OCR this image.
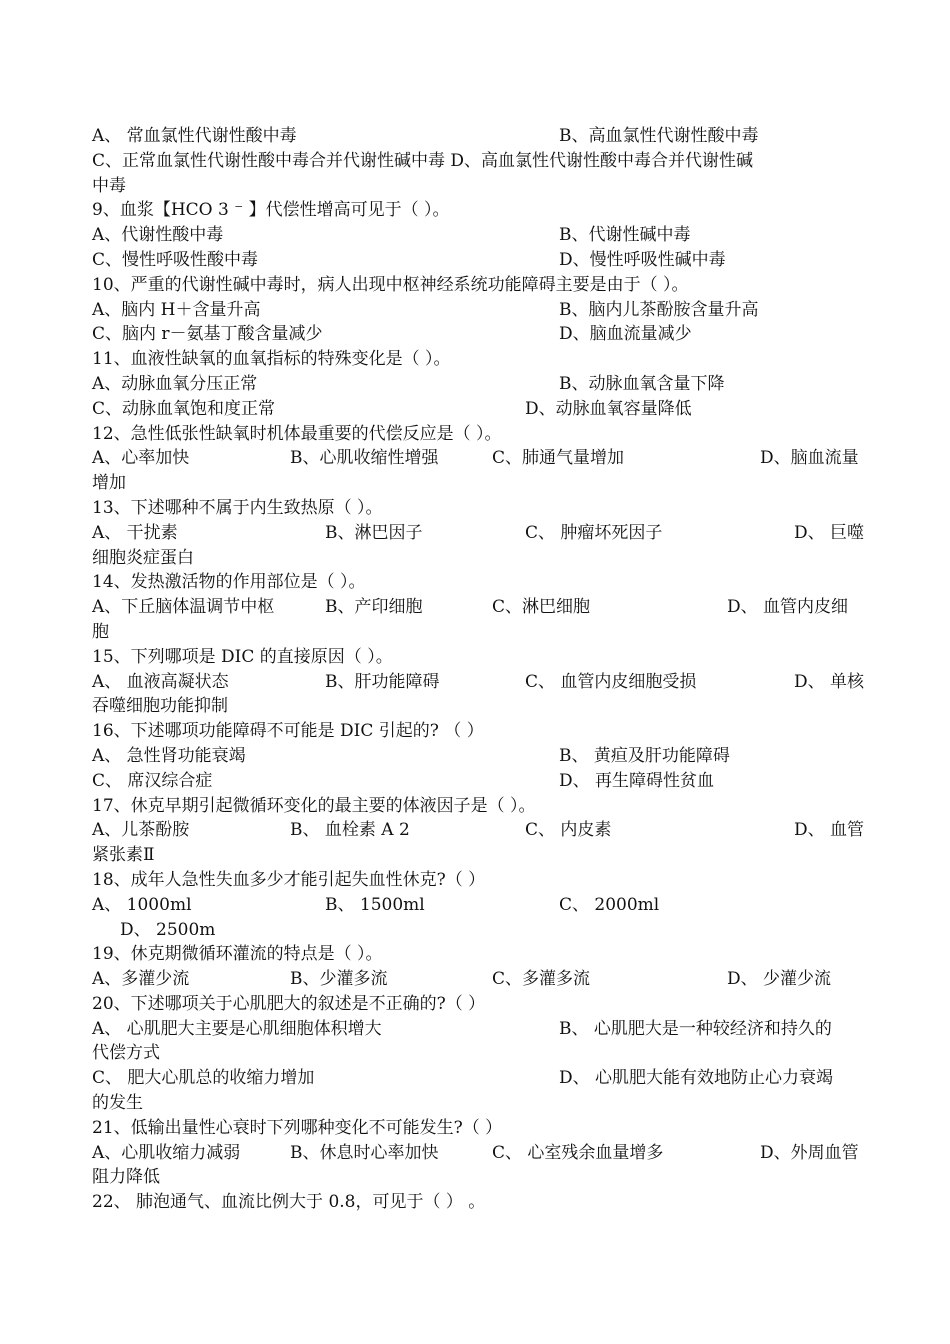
A、 常血氯性代谢性酸中毒	B、高血氯性代谢性酸中毒
C、正常血氯性代谢性酸中毒合并代谢性碱中毒 D、高血氯性代谢性酸中毒合并代谢性碱
中毒
9、血浆【HCO 3 ⁻ 】代偿性增高可见于（ ）。
A、代谢性酸中毒	B、代谢性碱中毒
C、慢性呼吸性酸中毒	D、慢性呼吸性碱中毒
10、严重的代谢性碱中毒时，病人出现中枢神经系统功能障碍主要是由于（ ）。
A、脑内 H＋含量升高	B、脑内儿茶酚胺含量升高
C、脑内 r－氨基丁酸含量减少	D、脑血流量减少
11、血液性缺氧的血氧指标的特殊变化是（ ）。
A、动脉血氧分压正常	B、动脉血氧含量下降
C、动脉血氧饱和度正常	D、动脉血氧容量降低
12、急性低张性缺氧时机体最重要的代偿反应是（ ）。
A、心率加快	B、心肌收缩性增强	C、肺通气量增加	D、脑血流量
增加
13、下述哪种不属于内生致热原（ ）。
A、 干扰素	B、淋巴因子	C、 肿瘤坏死因子	D、 巨噬
细胞炎症蛋白
14、发热激活物的作用部位是（ ）。
A、下丘脑体温调节中枢	B、产印细胞	C、淋巴细胞	D、 血管内皮细
胞
15、下列哪项是 DIC 的直接原因（ ）。
A、 血液高凝状态	B、肝功能障碍	C、 血管内皮细胞受损	D、 单核
吞噬细胞功能抑制
16、下述哪项功能障碍不可能是 DIC 引起的? （ ）
A、 急性肾功能衰竭	B、 黄疸及肝功能障碍
C、 席汉综合症	D、 再生障碍性贫血
17、休克早期引起微循环变化的最主要的体液因子是（ ）。
A、儿茶酚胺	B、 血栓素 A 2	C、 内皮素	D、 血管
紧张素Ⅱ
18、成年人急性失血多少才能引起失血性休克?（ ）
A、 1000ml	B、 1500ml	C、 2000ml
D、 2500m
19、休克期微循环灌流的特点是（ ）。
A、多灌少流	B、少灌多流	C、多灌多流	D、 少灌少流
20、下述哪项关于心肌肥大的叙述是不正确的?（ ）
A、 心肌肥大主要是心肌细胞体积增大	B、 心肌肥大是一种较经济和持久的
代偿方式
C、 肥大心肌总的收缩力增加	D、 心肌肥大能有效地防止心力衰竭
的发生
21、低输出量性心衰时下列哪种变化不可能发生?（ ）
A、心肌收缩力减弱	B、休息时心率加快	C、 心室残余血量增多	D、外周血管
阻力降低
22、 肺泡通气、血流比例大于 0.8，可见于（ ） 。
